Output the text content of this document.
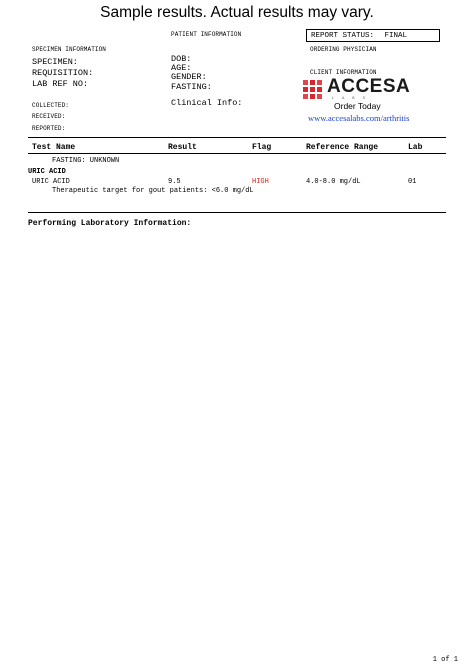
Sample results. Actual results may vary.
PATIENT INFORMATION	REPORT STATUS: FINAL
SPECIMEN INFORMATION	ORDERING PHYSICIAN
SPECIMEN:
REQUISITION:
LAB REF NO:
DOB:
AGE:
GENDER:
FASTING:
Clinical Info:
CLIENT INFORMATION
ACCESA
LABS
Order Today
www.accesalabs.com/arthritis
COLLECTED:
RECEIVED:
REPORTED:
Test Name	Result	Flag	Reference Range	Lab
FASTING: UNKNOWN
URIC ACID
URIC ACID	9.5	HIGH	4.0-8.0 mg/dL	01
Therapeutic target for gout patients: <6.0 mg/dL
Performing Laboratory Information:
1 of 1
